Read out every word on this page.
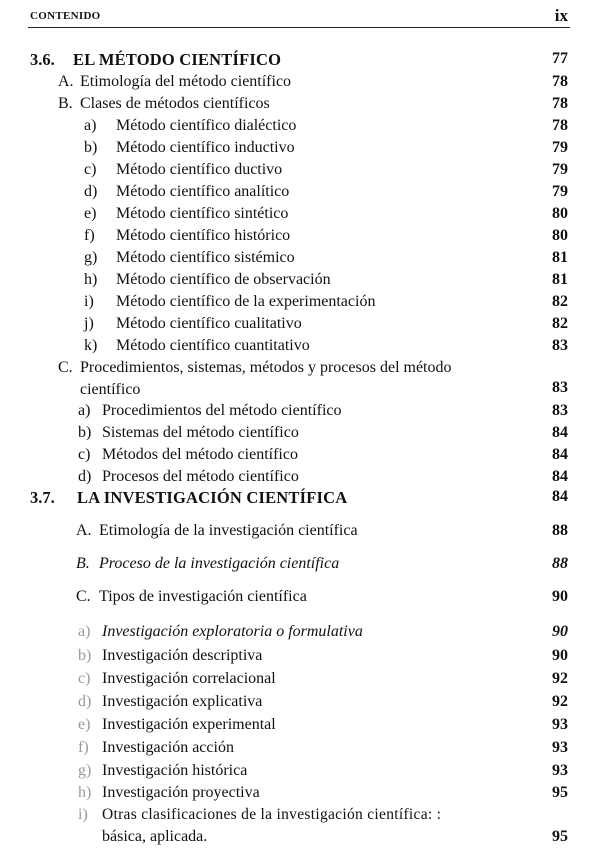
CONTENIDO	ix
3.6. EL MÉTODO CIENTÍFICO	77
A. Etimología del método científico	78
B. Clases de métodos científicos	78
a) Método científico dialéctico	78
b) Método científico inductivo	79
c) Método científico ductivo	79
d) Método científico analítico	79
e) Método científico sintético	80
f) Método científico histórico	80
g) Método científico sistémico	81
h) Método científico de observación	81
i) Método científico de la experimentación	82
j) Método científico cualitativo	82
k) Método científico cuantitativo	83
C. Procedimientos, sistemas, métodos y procesos del método
científico	83
a) Procedimientos del método científico	83
b) Sistemas del método científico	84
c) Métodos del método científico	84
d) Procesos del método científico	84
3.7. LA INVESTIGACIÓN CIENTÍFICA	84
A. Etimología de la investigación científica	88
B. Proceso de la investigación científica	88
C. Tipos de investigación científica	90
a) Investigación exploratoria o formulativa	90
b) Investigación descriptiva	90
c) Investigación correlacional	92
d) Investigación explicativa	92
e) Investigación experimental	93
f) Investigación acción	93
g) Investigación histórica	93
h) Investigación proyectiva	95
i) Otras clasificaciones de la investigación científica: :
básica, aplicada.	95
